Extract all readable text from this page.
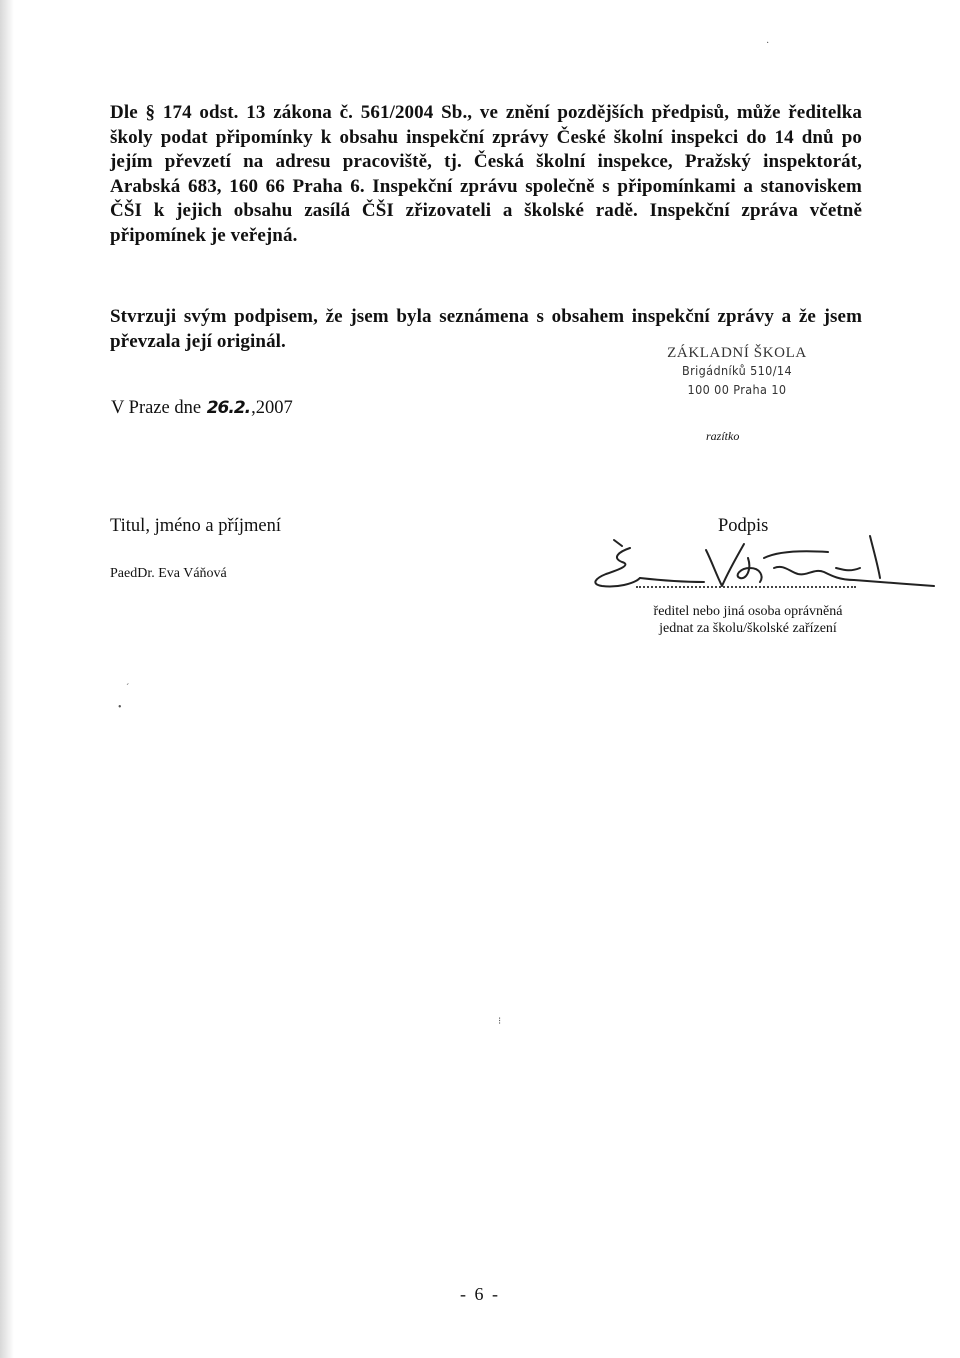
Dle § 174 odst. 13 zákona č. 561/2004 Sb., ve znění pozdějších předpisů, může ředitelka školy podat připomínky k obsahu inspekční zprávy České školní inspekci do 14 dnů po jejím převzetí na adresu pracoviště, tj. Česká školní inspekce, Pražský inspektorát, Arabská 683, 160 66 Praha 6. Inspekční zprávu společně s připomínkami a stanoviskem ČŠI k jejich obsahu zasílá ČŠI zřizovateli a školské radě. Inspekční zpráva včetně připomínek je veřejná.

Stvrzuji svým podpisem, že jsem byla seznámena s obsahem inspekční zprávy a že jsem převzala její originál.

ZÁKLADNÍ ŠKOLA
Brigádníků 510/14
100 00 Praha 10
V Praze dne 26.2.,2007
razítko
Titul, jméno a příjmení	Podpis
PaedDr. Eva Váňová
ředitel nebo jiná osoba oprávněná
jednat za školu/školské zařízení
·
´
•
⁝
- 6 -
